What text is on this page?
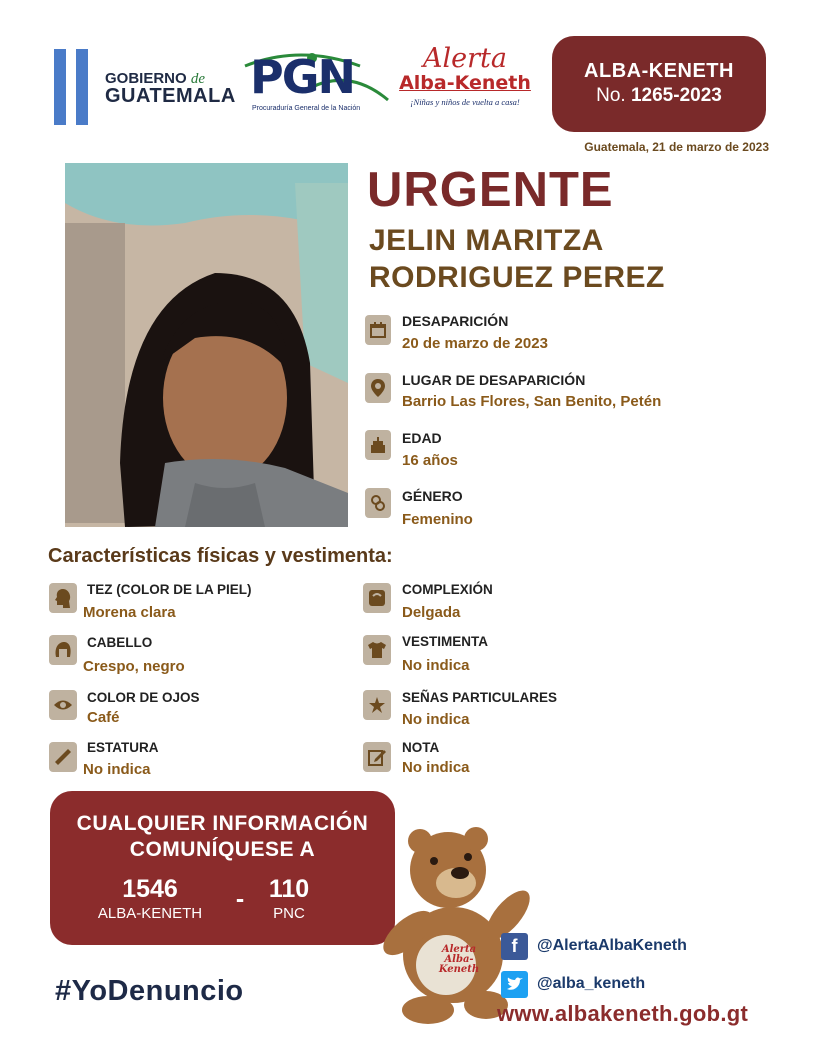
GOBIERNO de
GUATEMALA PGN
Procuraduría General de la Nación
Alerta
Alba-Keneth
¡Niñas y niños de vuelta a casa!
ALBA-KENETH
No. 1265-2023
Guatemala, 21 de marzo de 2023
URGENTE
JELIN MARITZA
RODRIGUEZ PEREZ
DESAPARICIÓN
20 de marzo de 2023
LUGAR DE DESAPARICIÓN
Barrio Las Flores, San Benito, Petén
EDAD
16 años
GÉNERO
Femenino
Características físicas y vestimenta:
TEZ (COLOR DE LA PIEL)
Morena clara
CABELLO
Crespo, negro
COLOR DE OJOS
Café
ESTATURA
No indica
COMPLEXIÓN
Delgada
VESTIMENTA
No indica
SEÑAS PARTICULARES
No indica
NOTA
No indica
CUALQUIER INFORMACIÓN
COMUNÍQUESE A
1546
ALBA-KENETH
- 110
PNC
Alerta Alba-Keneth
#YoDenuncio
f	@AlertaAlbaKeneth
@alba_keneth
www.albakeneth.gob.gt
